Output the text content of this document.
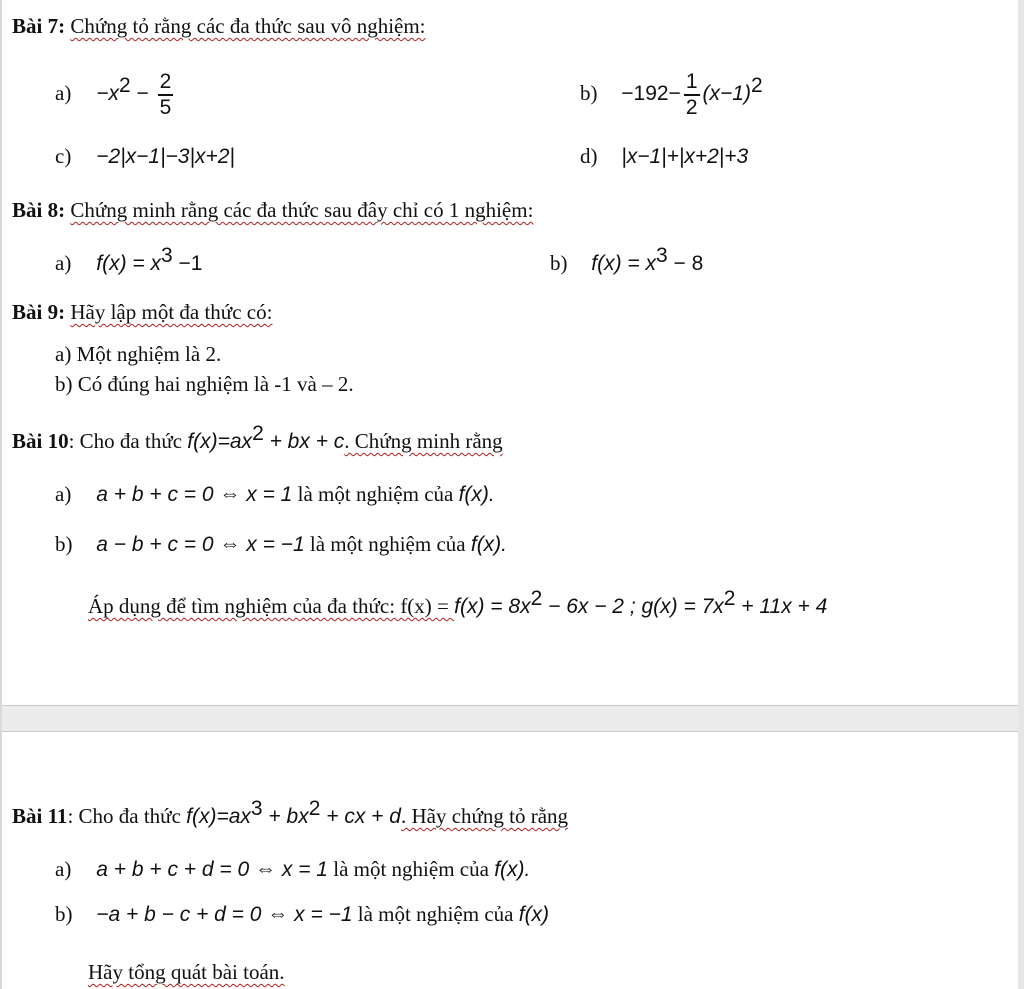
Bài 7: Chứng tỏ rằng các đa thức sau vô nghiệm:
$a) -x^2 - \frac{2}{5}$	$b) -192- \frac{1}{2} (x-1)^2$
c) −2|x−1|−3|x+2|	d) |x−1|+|x+2|+3
Bài 8: Chứng minh rằng các đa thức sau đây chỉ có 1 nghiệm:
a) $f(x) = x^3 -1$	b) $f(x) = x^3 - 8$
Bài 9: Hãy lập một đa thức có:
a) Một nghiệm là 2.
b) Có đúng hai nghiệm là -1 và – 2.
Bài 10: Cho đa thức $f(x)=ax^2$ + bx + c. Chứng minh rằng
a) a + b + c = 0 ⇔ x = 1 là một nghiệm của f(x).
b) a − b + c = 0 ⇔ x = −1 là một nghiệm của f(x).
Áp dụng để tìm nghiệm của đa thức: $f(x) = f(x) = 8x^2 - 6x - 2$ ; $g(x) = 7x^2 + 11x + 4$
Bài 11: Cho đa thức $f(x)=ax^3 + bx^2$ + cx + d. Hãy chứng tỏ rằng
a) a + b + c + d = 0 ⇔ x = 1 là một nghiệm của f(x).
b) −a + b − c + d = 0 ⇔ x = −1 là một nghiệm của f(x)
Hãy tổng quát bài toán.
